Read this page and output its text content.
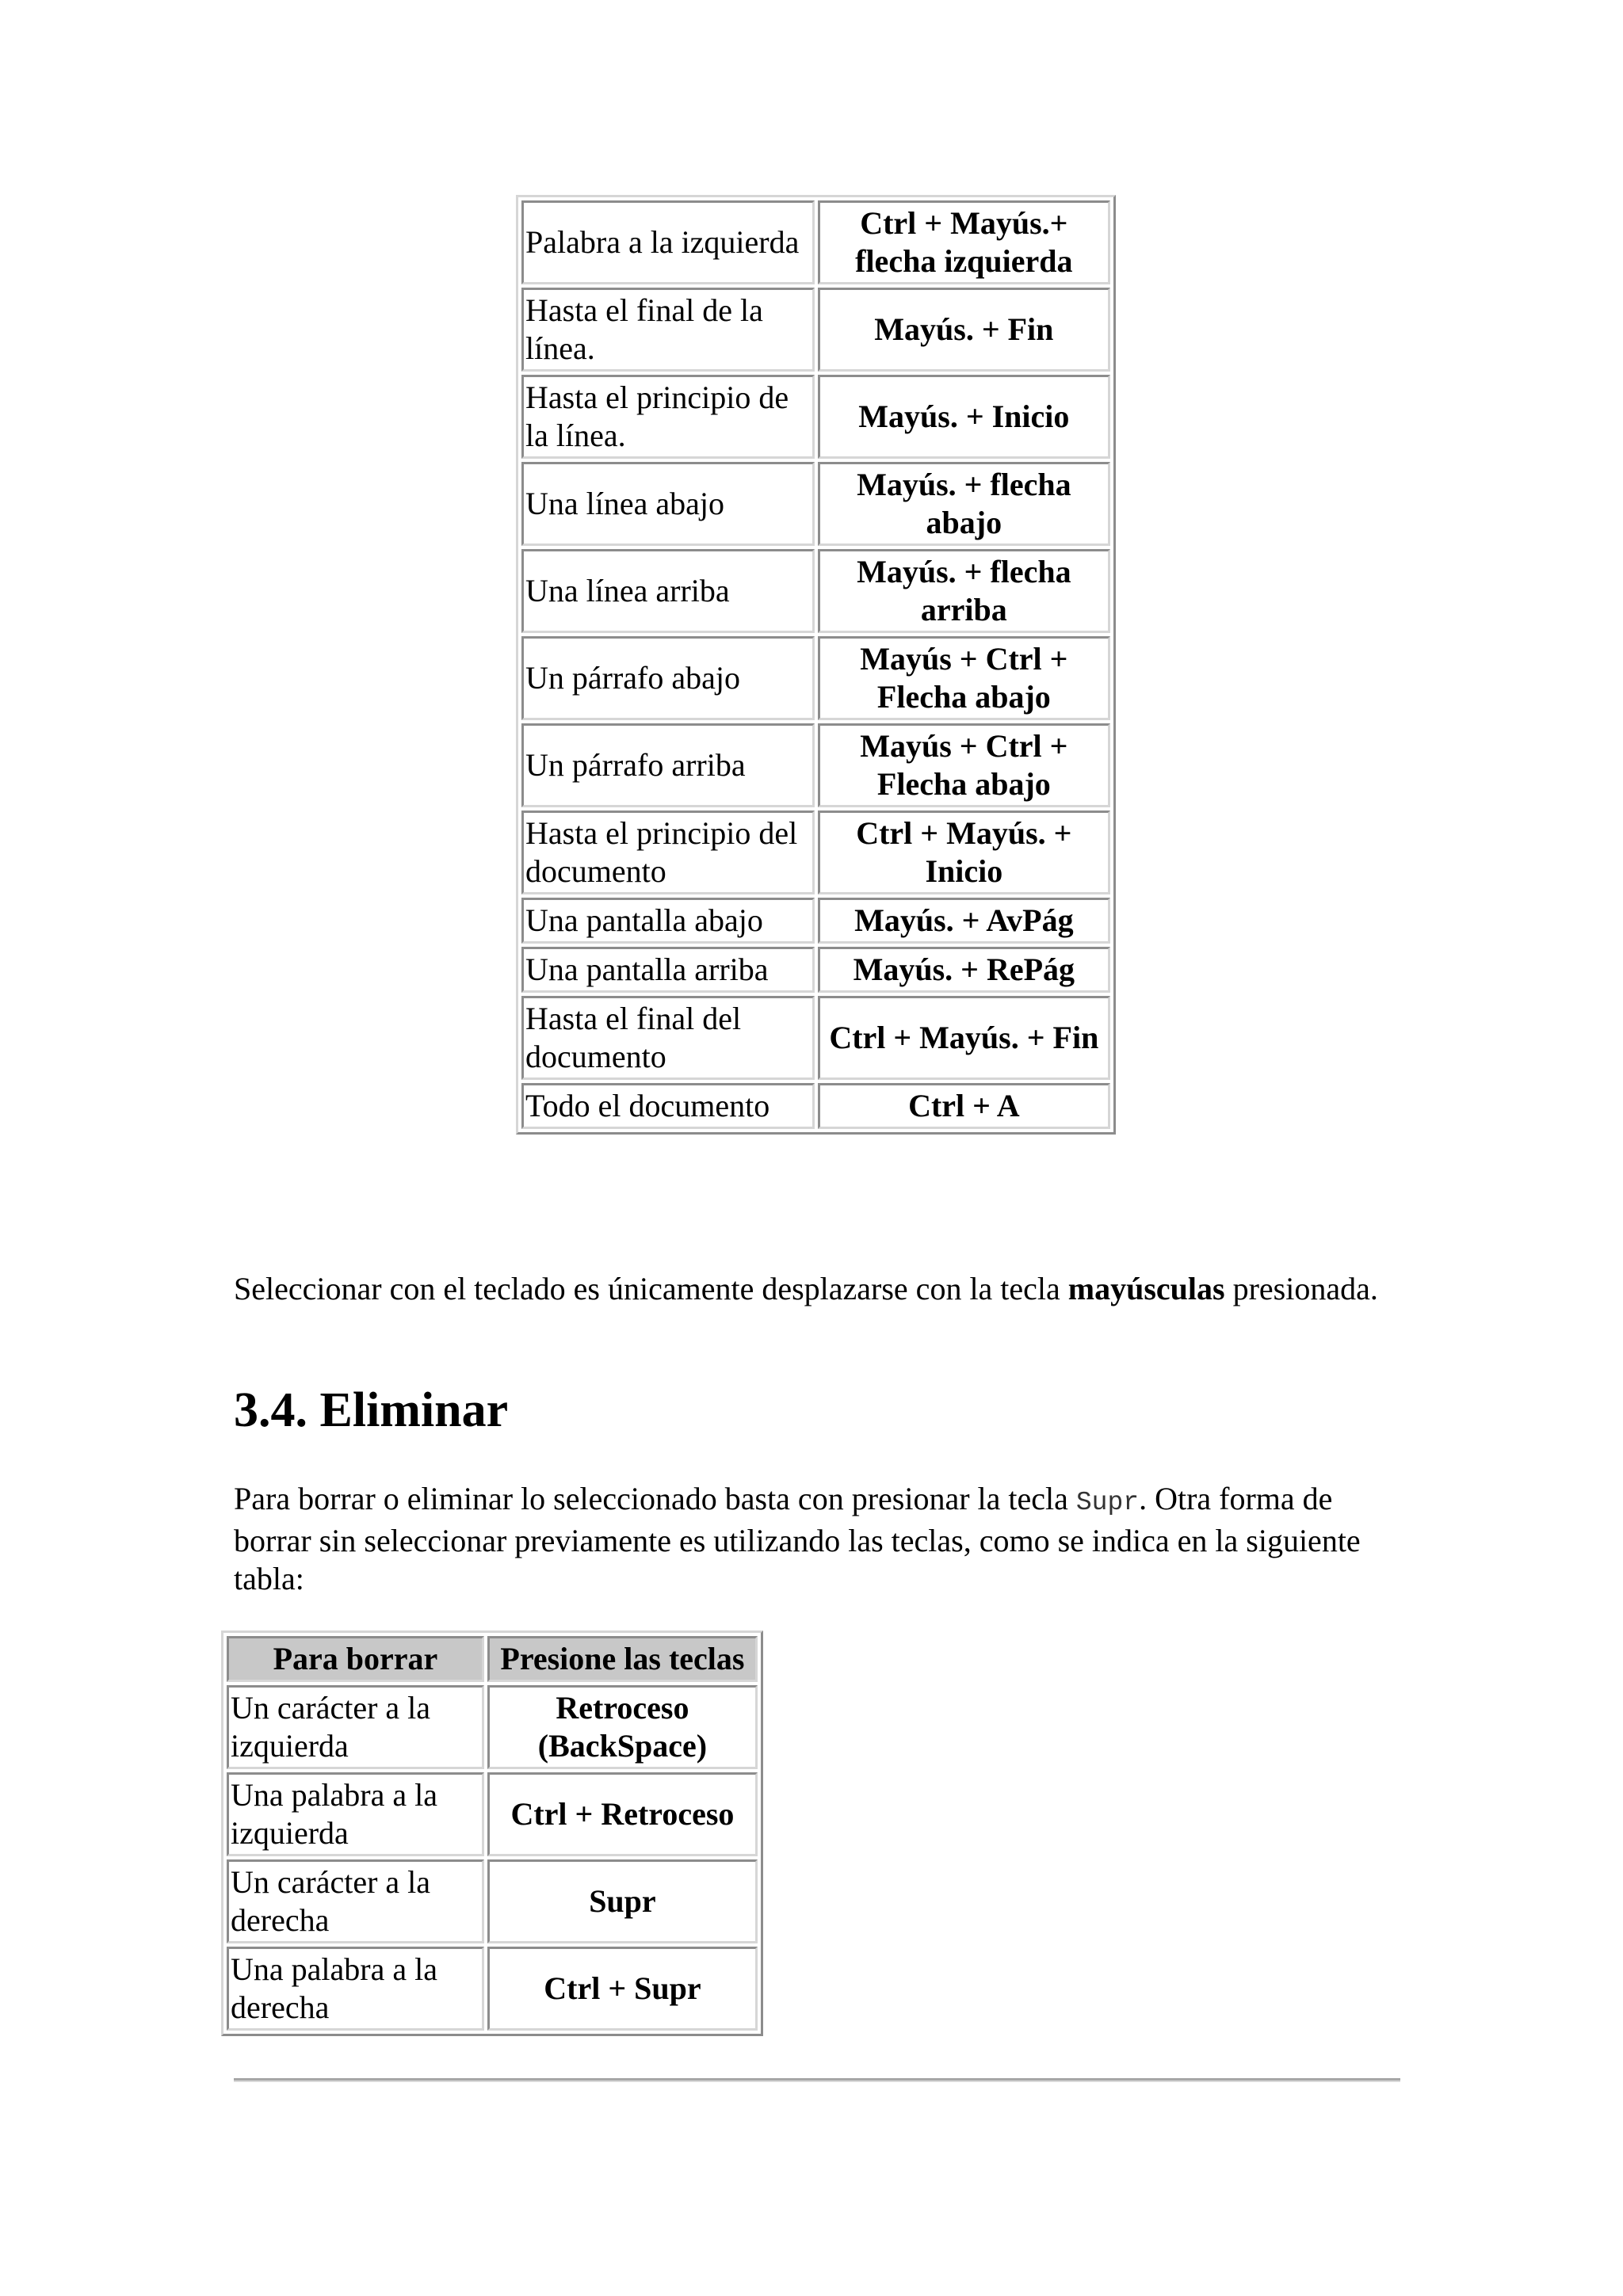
Palabra a la izquierda	Ctrl + Mayús.+ flecha izquierda
Hasta el final de la línea.	Mayús. + Fin
Hasta el principio de la línea.	Mayús. + Inicio
Una línea abajo	Mayús. + flecha abajo
Una línea arriba	Mayús. + flecha arriba
Un párrafo abajo	Mayús + Ctrl + Flecha abajo
Un párrafo arriba	Mayús + Ctrl + Flecha abajo
Hasta el principio del documento	Ctrl + Mayús. + Inicio
Una pantalla abajo	Mayús. + AvPág
Una pantalla arriba	Mayús. + RePág
Hasta el final del documento	Ctrl + Mayús. + Fin
Todo el documento	Ctrl + A

Seleccionar con el teclado es únicamente desplazarse con la tecla mayúsculas presionada.

3.4. Eliminar

Para borrar o eliminar lo seleccionado basta con presionar la tecla Supr. Otra forma de borrar sin seleccionar previamente es utilizando las teclas, como se indica en la siguiente tabla:

Para borrar	Presione las teclas
Un carácter a la izquierda	Retroceso (BackSpace)
Una palabra a la izquierda	Ctrl + Retroceso
Un carácter a la derecha	Supr
Una palabra a la derecha	Ctrl + Supr
